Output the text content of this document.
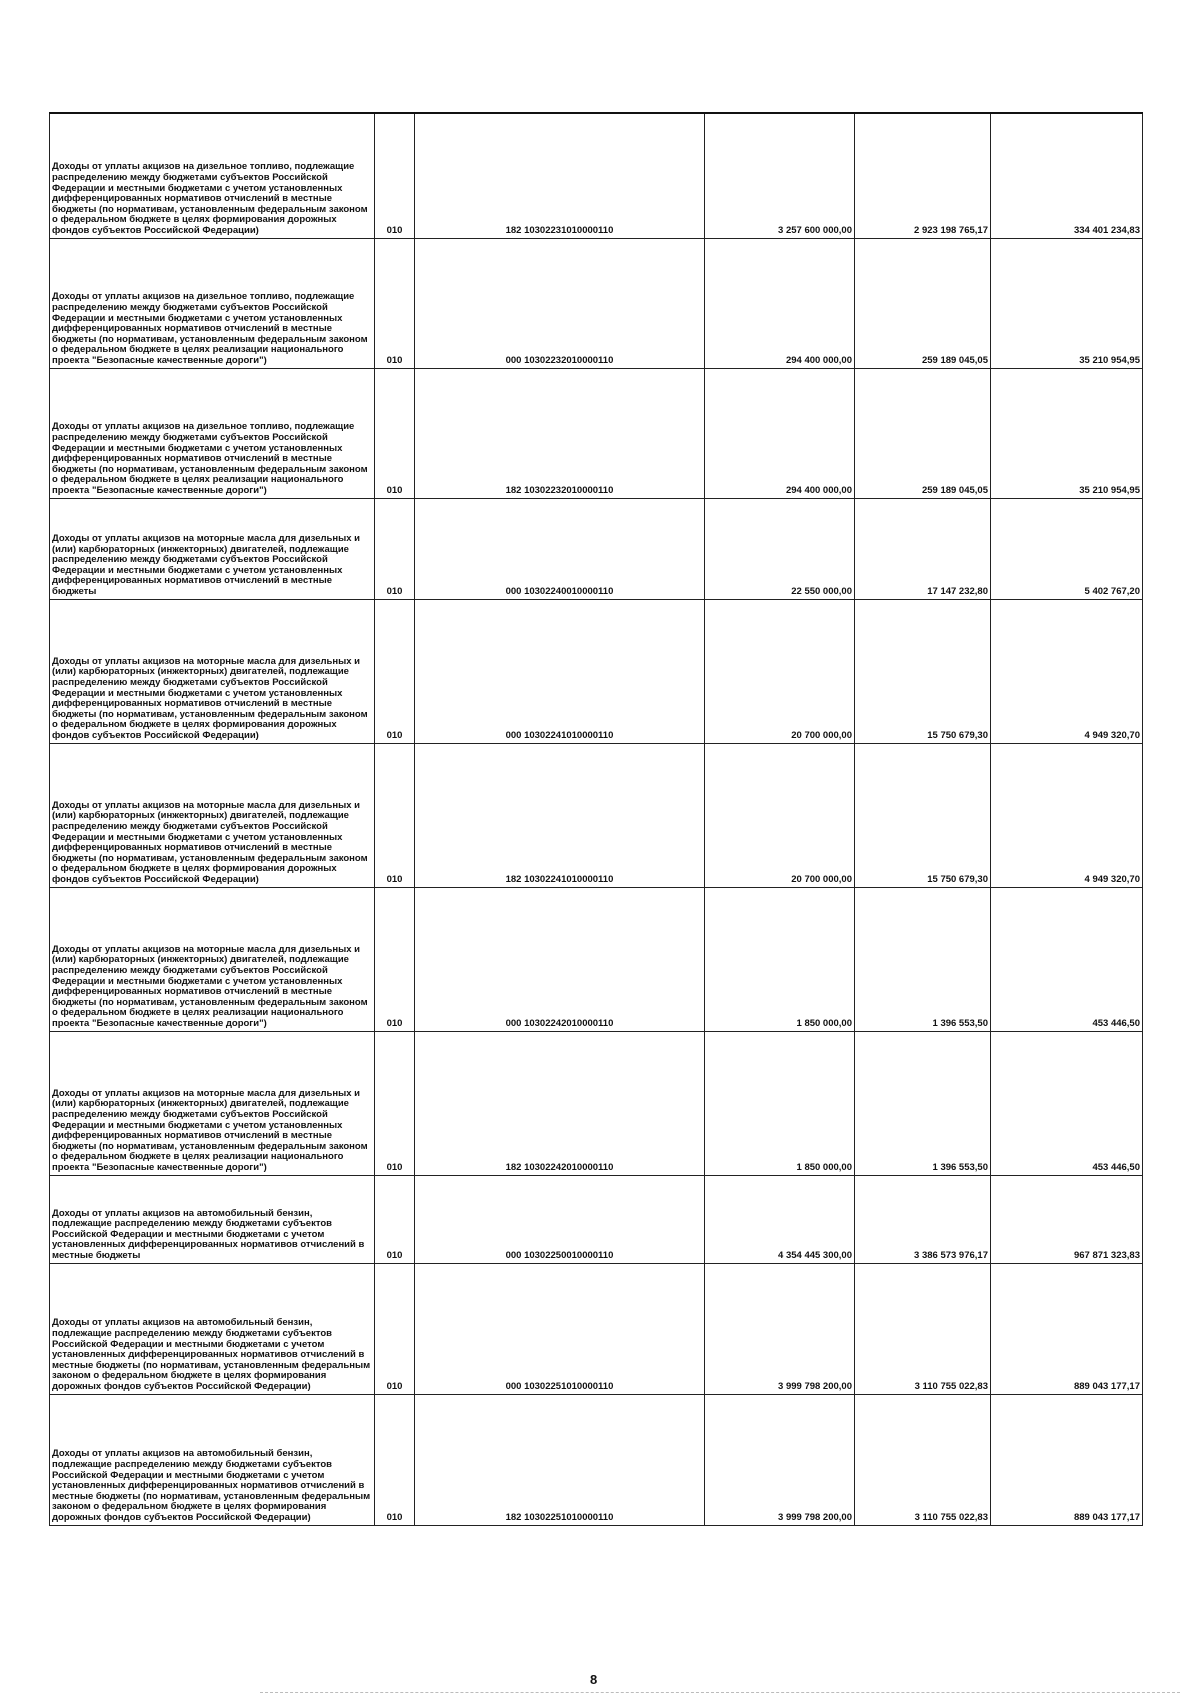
Доходы от уплаты акцизов на дизельное топливо, подлежащие распределению между бюджетами субъектов Российской Федерации и местными бюджетами с учетом установленных дифференцированных нормативов отчислений в местные бюджеты (по нормативам, установленным федеральным законом о федеральном бюджете в целях формирования дорожных фондов субъектов Российской Федерации)	010	182 10302231010000110	3 257 600 000,00	2 923 198 765,17	334 401 234,83
Доходы от уплаты акцизов на дизельное топливо, подлежащие распределению между бюджетами субъектов Российской Федерации и местными бюджетами с учетом установленных дифференцированных нормативов отчислений в местные бюджеты (по нормативам, установленным федеральным законом о федеральном бюджете в целях реализации национального проекта "Безопасные качественные дороги")	010	000 10302232010000110	294 400 000,00	259 189 045,05	35 210 954,95
Доходы от уплаты акцизов на дизельное топливо, подлежащие распределению между бюджетами субъектов Российской Федерации и местными бюджетами с учетом установленных дифференцированных нормативов отчислений в местные бюджеты (по нормативам, установленным федеральным законом о федеральном бюджете в целях реализации национального проекта "Безопасные качественные дороги")	010	182 10302232010000110	294 400 000,00	259 189 045,05	35 210 954,95
Доходы от уплаты акцизов на моторные масла для дизельных и (или) карбюраторных (инжекторных) двигателей, подлежащие распределению между бюджетами субъектов Российской Федерации и местными бюджетами с учетом установленных дифференцированных нормативов отчислений в местные бюджеты	010	000 10302240010000110	22 550 000,00	17 147 232,80	5 402 767,20
Доходы от уплаты акцизов на моторные масла для дизельных и (или) карбюраторных (инжекторных) двигателей, подлежащие распределению между бюджетами субъектов Российской Федерации и местными бюджетами с учетом установленных дифференцированных нормативов отчислений в местные бюджеты (по нормативам, установленным федеральным законом о федеральном бюджете в целях формирования дорожных фондов субъектов Российской Федерации)	010	000 10302241010000110	20 700 000,00	15 750 679,30	4 949 320,70
Доходы от уплаты акцизов на моторные масла для дизельных и (или) карбюраторных (инжекторных) двигателей, подлежащие распределению между бюджетами субъектов Российской Федерации и местными бюджетами с учетом установленных дифференцированных нормативов отчислений в местные бюджеты (по нормативам, установленным федеральным законом о федеральном бюджете в целях формирования дорожных фондов субъектов Российской Федерации)	010	182 10302241010000110	20 700 000,00	15 750 679,30	4 949 320,70
Доходы от уплаты акцизов на моторные масла для дизельных и (или) карбюраторных (инжекторных) двигателей, подлежащие распределению между бюджетами субъектов Российской Федерации и местными бюджетами с учетом установленных дифференцированных нормативов отчислений в местные бюджеты (по нормативам, установленным федеральным законом о федеральном бюджете в целях реализации национального проекта "Безопасные качественные дороги")	010	000 10302242010000110	1 850 000,00	1 396 553,50	453 446,50
Доходы от уплаты акцизов на моторные масла для дизельных и (или) карбюраторных (инжекторных) двигателей, подлежащие распределению между бюджетами субъектов Российской Федерации и местными бюджетами с учетом установленных дифференцированных нормативов отчислений в местные бюджеты (по нормативам, установленным федеральным законом о федеральном бюджете в целях реализации национального проекта "Безопасные качественные дороги")	010	182 10302242010000110	1 850 000,00	1 396 553,50	453 446,50
Доходы от уплаты акцизов на автомобильный бензин, подлежащие распределению между бюджетами субъектов Российской Федерации и местными бюджетами с учетом установленных дифференцированных нормативов отчислений в местные бюджеты	010	000 10302250010000110	4 354 445 300,00	3 386 573 976,17	967 871 323,83
Доходы от уплаты акцизов на автомобильный бензин, подлежащие распределению между бюджетами субъектов Российской Федерации и местными бюджетами с учетом установленных дифференцированных нормативов отчислений в местные бюджеты (по нормативам, установленным федеральным законом о федеральном бюджете в целях формирования дорожных фондов субъектов Российской Федерации)	010	000 10302251010000110	3 999 798 200,00	3 110 755 022,83	889 043 177,17
Доходы от уплаты акцизов на автомобильный бензин, подлежащие распределению между бюджетами субъектов Российской Федерации и местными бюджетами с учетом установленных дифференцированных нормативов отчислений в местные бюджеты (по нормативам, установленным федеральным законом о федеральном бюджете в целях формирования дорожных фондов субъектов Российской Федерации)	010	182 10302251010000110	3 999 798 200,00	3 110 755 022,83	889 043 177,17
8
